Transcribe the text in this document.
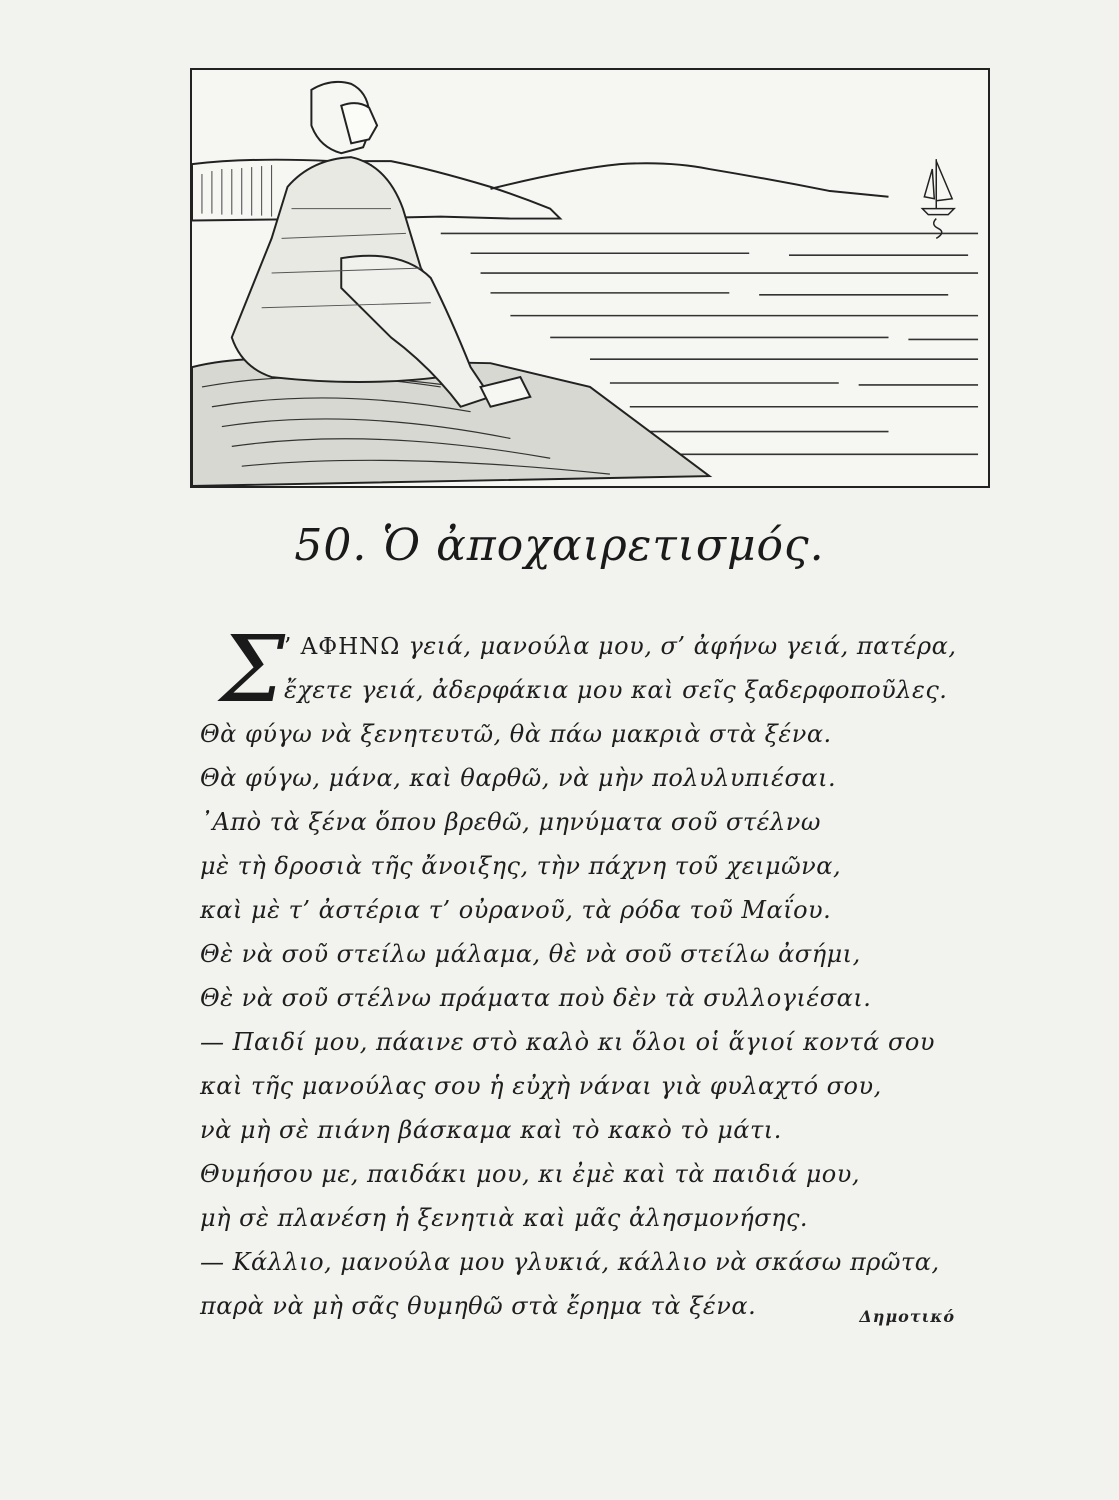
50. Ὁ ἀποχαιρετισμός.
Σ
’ ΑΦΗΝΩ γειά, μανούλα μου, σ’ ἀφήνω γειά, πατέρα,
ἔχετε γειά, ἀδερφάκια μου καὶ σεῖς ξαδερφοποῦλες.
Θὰ φύγω νὰ ξενητευτῶ, θὰ πάω μακριὰ στὰ ξένα.
Θὰ φύγω, μάνα, καὶ θαρθῶ, νὰ μὴν πολυλυπιέσαι.
᾿Απὸ τὰ ξένα ὅπου βρεθῶ, μηνύματα σοῦ στέλνω
μὲ τὴ δροσιὰ τῆς ἄνοιξης, τὴν πάχνη τοῦ χειμῶνα,
καὶ μὲ τ’ ἀστέρια τ’ οὐρανοῦ, τὰ ρόδα τοῦ Μαΐου.
Θὲ νὰ σοῦ στείλω μάλαμα, θὲ νὰ σοῦ στείλω ἀσήμι,
Θὲ νὰ σοῦ στέλνω πράματα ποὺ δὲν τὰ συλλογιέσαι.
— Παιδί μου, πάαινε στὸ καλὸ κι ὅλοι οἱ ἅγιοί κοντά σου
καὶ τῆς μανούλας σου ἡ εὐχὴ νάναι γιὰ φυλαχτό σου,
νὰ μὴ σὲ πιάνη βάσκαμα καὶ τὸ κακὸ τὸ μάτι.
Θυμήσου με, παιδάκι μου, κι ἐμὲ καὶ τὰ παιδιά μου,
μὴ σὲ πλανέση ἡ ξενητιὰ καὶ μᾶς ἀλησμονήσης.
— Κάλλιο, μανούλα μου γλυκιά, κάλλιο νὰ σκάσω πρῶτα,
παρὰ νὰ μὴ σᾶς θυμηθῶ στὰ ἔρημα τὰ ξένα.	Δημοτικό
